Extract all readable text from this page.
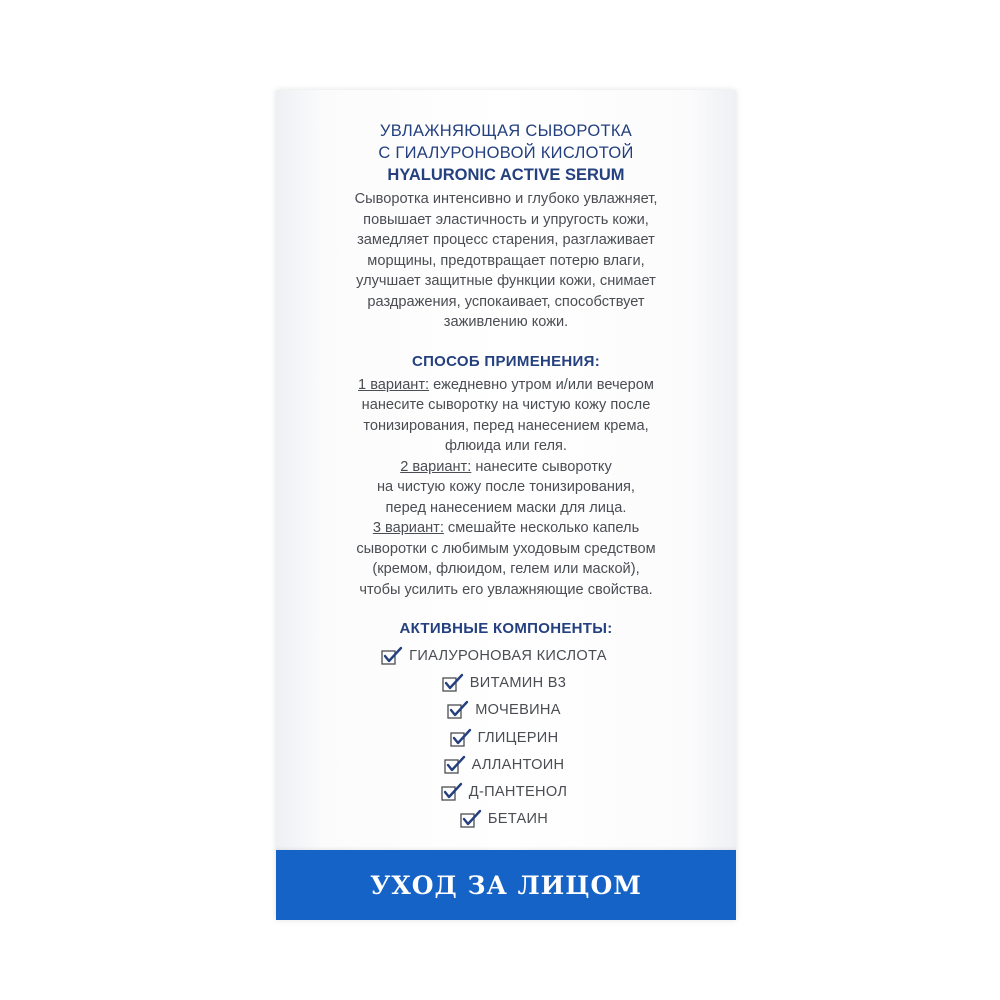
УВЛАЖНЯЮЩАЯ СЫВОРОТКА
С ГИАЛУРОНОВОЙ КИСЛОТОЙ
HYALURONIC ACTIVE SERUM
Сыворотка интенсивно и глубоко увлажняет,
повышает эластичность и упругость кожи,
замедляет процесс старения, разглаживает
морщины, предотвращает потерю влаги,
улучшает защитные функции кожи, снимает
раздражения, успокаивает, способствует
заживлению кожи.
СПОСОБ ПРИМЕНЕНИЯ:
1 вариант: ежедневно утром и/или вечером
нанесите сыворотку на чистую кожу после
тонизирования, перед нанесением крема,
флюида или геля.
2 вариант: нанесите сыворотку
на чистую кожу после тонизирования,
перед нанесением маски для лица.
3 вариант: смешайте несколько капель
сыворотки с любимым уходовым средством
(кремом, флюидом, гелем или маской),
чтобы усилить его увлажняющие свойства.
АКТИВНЫЕ КОМПОНЕНТЫ:
ГИАЛУРОНОВАЯ КИСЛОТА
ВИТАМИН В3
МОЧЕВИНА
ГЛИЦЕРИН
АЛЛАНТОИН
Д-ПАНТЕНОЛ
БЕТАИН
УХОД ЗА ЛИЦОМ
